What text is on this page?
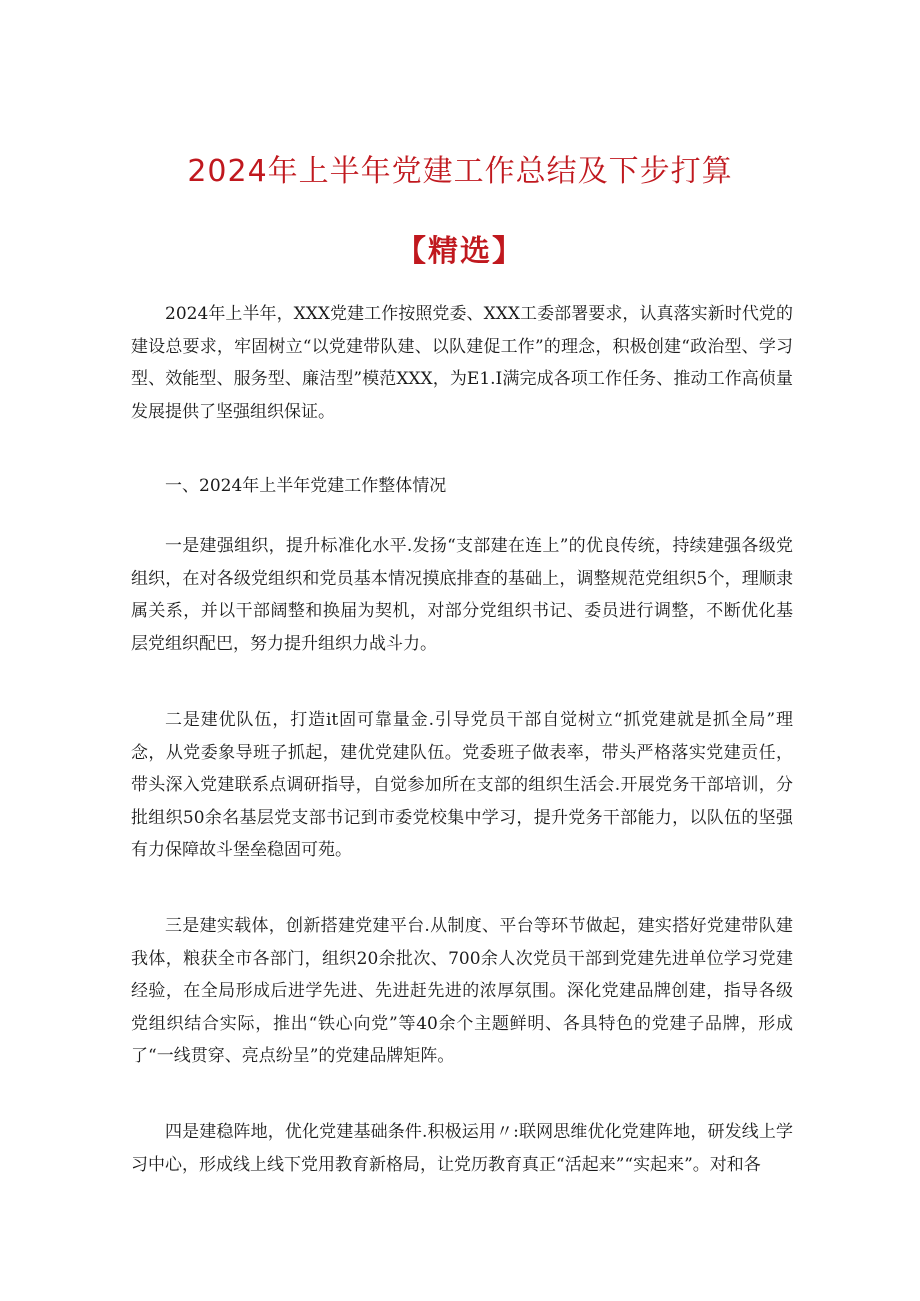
2024年上半年党建工作总结及下步打算
【精选】

2024年上半年，XXX党建工作按照党委、XXX工委部署要求，认真落实新时代党的建设总要求，牢固树立“以党建带队建、以队建促工作”的理念，积极创建“政治型、学习型、效能型、服务型、廉洁型”模范XXX，为E1.I满完成各项工作任务、推动工作高侦量发展提供了坚强组织保证。

一、2024年上半年党建工作整体情况

一是建强组织，提升标准化水平.发扬“支部建在连上”的优良传统，持续建强各级党组织，在对各级党组织和党员基本情况摸底排查的基础上，调整规范党组织5个，理顺隶属关系，并以干部阔整和换届为契机，对部分党组织书记、委员进行调整，不断优化基层党组织配巴，努力提升组织力战斗力。

二是建优队伍，打造it固可靠量金.引导党员干部自觉树立“抓党建就是抓全局”理念，从党委象导班子抓起，建优党建队伍。党委班子做表率，带头严格落实党建贡任，带头深入党建联系点调研指导，自觉参加所在支部的组织生活会.开展党务干部培训，分批组织50余名基层党支部书记到市委党校集中学习，提升党务干部能力，以队伍的坚强有力保障故斗堡垒稳固可苑。

三是建实载体，创新搭建党建平台.从制度、平台等环节做起，建实搭好党建带队建我体，粮获全市各部门，组织20余批次、700余人次党员干部到党建先进单位学习党建经验，在全局形成后进学先进、先进赶先进的浓厚氛围。深化党建品牌创建，指导各级党组织结合实际，推出“铁心向党”等40余个主题鲜明、各具特色的党建子品牌，形成了“一线贯穿、亮点纷呈”的党建品牌矩阵。

四是建稳阵地，优化党建基础条件.积极运用〃:联网思维优化党建阵地，研发线上学习中心，形成线上线下党用教育新格局，让党历教育真正“活起来”“实起来”。对和各
